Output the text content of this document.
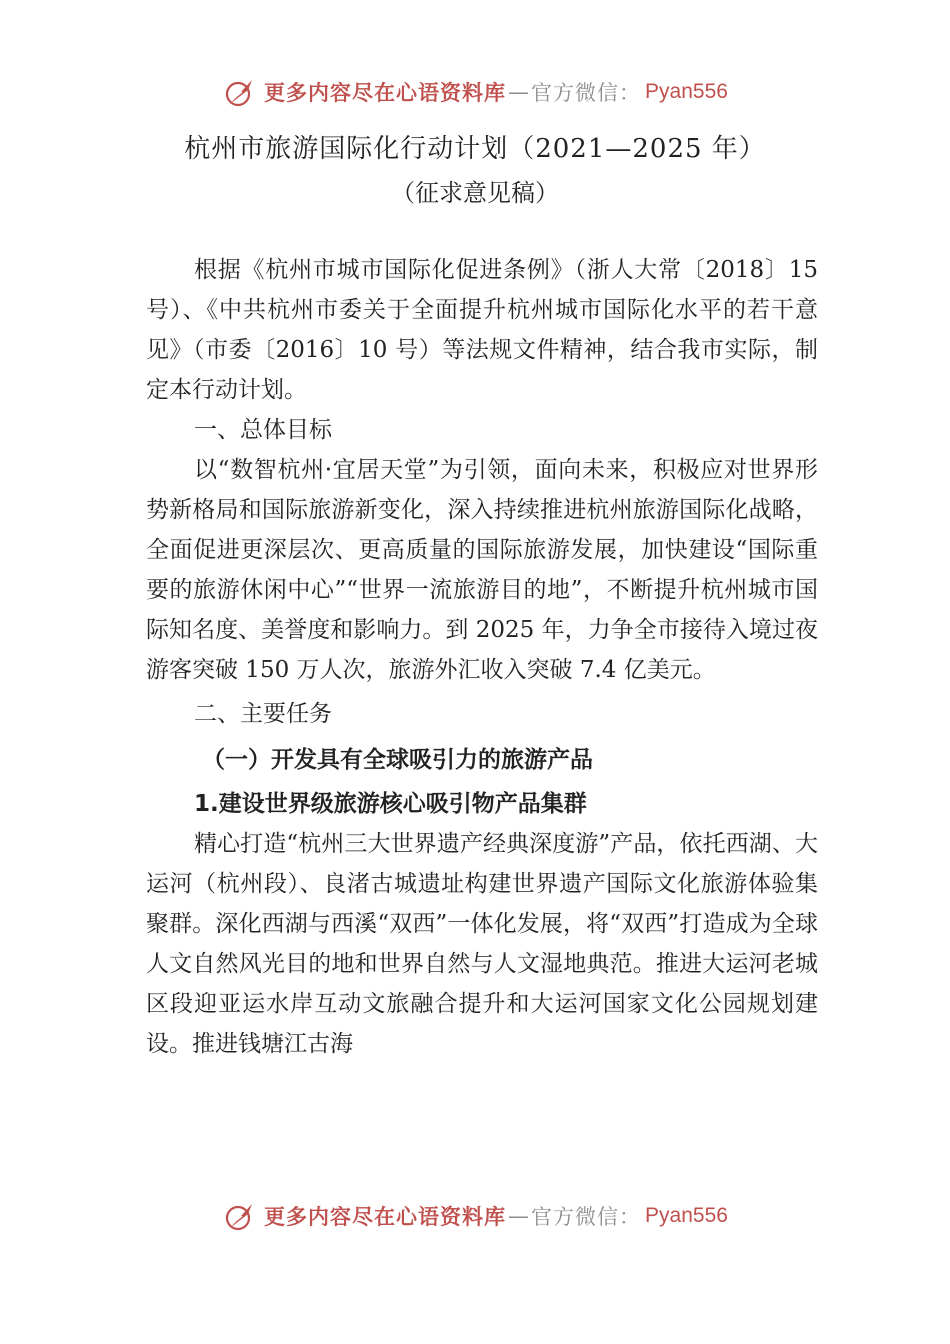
更多内容尽在心语资料库 — 官方微信： Pyan556
杭州市旅游国际化行动计划（2021—2025 年）
（征求意见稿）

根据《杭州市城市国际化促进条例》（浙人大常〔2018〕15 号）、《中共杭州市委关于全面提升杭州城市国际化水平的若干意见》（市委〔2016〕10 号）等法规文件精神，结合我市实际，制定本行动计划。

一、总体目标

以“数智杭州·宜居天堂”为引领，面向未来，积极应对世界形势新格局和国际旅游新变化，深入持续推进杭州旅游国际化战略，全面促进更深层次、更高质量的国际旅游发展，加快建设“国际重要的旅游休闲中心”“世界一流旅游目的地”，不断提升杭州城市国际知名度、美誉度和影响力。到 2025 年，力争全市接待入境过夜游客突破 150 万人次，旅游外汇收入突破 7.4 亿美元。

二、主要任务

（一）开发具有全球吸引力的旅游产品

1.建设世界级旅游核心吸引物产品集群

精心打造“杭州三大世界遗产经典深度游”产品，依托西湖、大运河（杭州段）、良渚古城遗址构建世界遗产国际文化旅游体验集聚群。深化西湖与西溪“双西”一体化发展，将“双西”打造成为全球人文自然风光目的地和世界自然与人文湿地典范。推进大运河老城区段迎亚运水岸互动文旅融合提升和大运河国家文化公园规划建设。推进钱塘江古海

更多内容尽在心语资料库 — 官方微信： Pyan556
